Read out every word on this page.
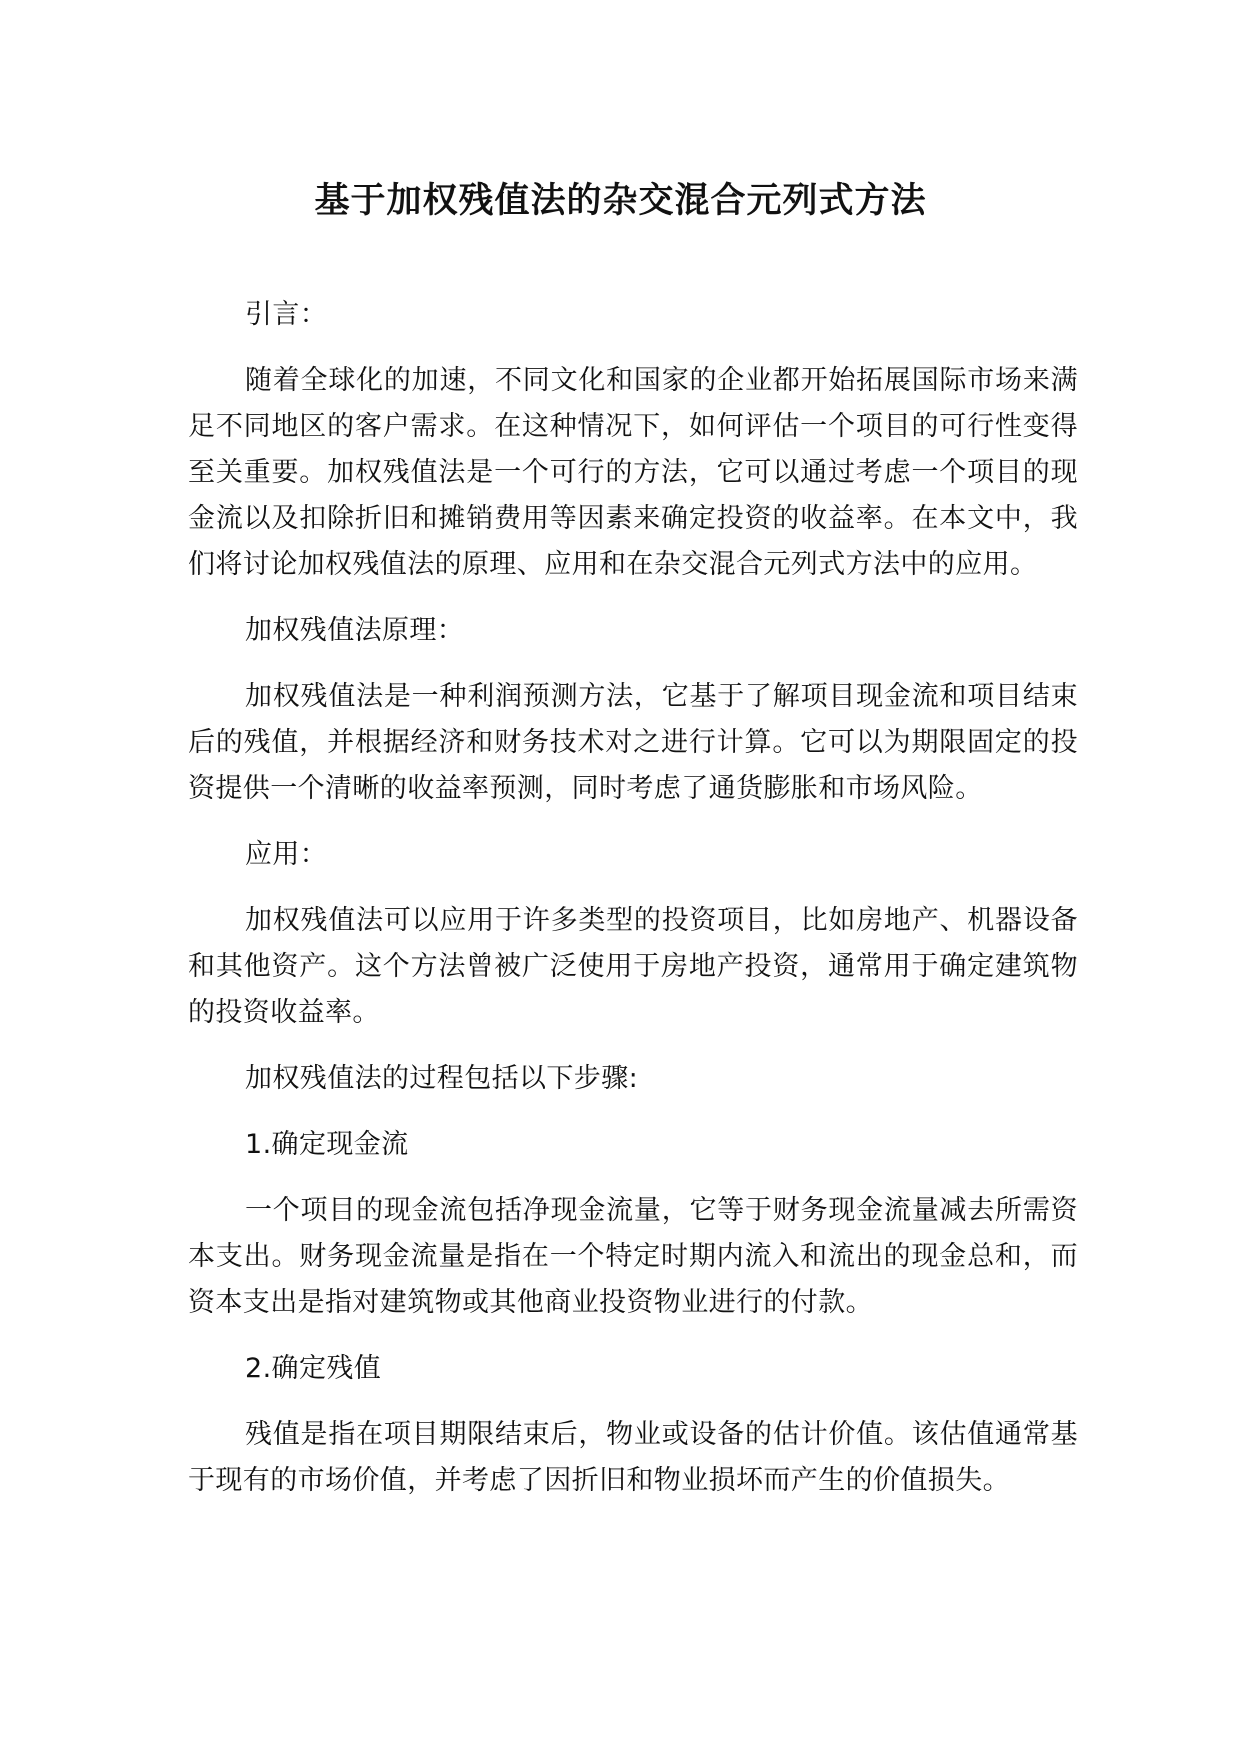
基于加权残值法的杂交混合元列式方法

引言：

随着全球化的加速，不同文化和国家的企业都开始拓展国际市场来满足不同地区的客户需求。在这种情况下，如何评估一个项目的可行性变得至关重要。加权残值法是一个可行的方法，它可以通过考虑一个项目的现金流以及扣除折旧和摊销费用等因素来确定投资的收益率。在本文中，我们将讨论加权残值法的原理、应用和在杂交混合元列式方法中的应用。

加权残值法原理：

加权残值法是一种利润预测方法，它基于了解项目现金流和项目结束后的残值，并根据经济和财务技术对之进行计算。它可以为期限固定的投资提供一个清晰的收益率预测，同时考虑了通货膨胀和市场风险。

应用：

加权残值法可以应用于许多类型的投资项目，比如房地产、机器设备和其他资产。这个方法曾被广泛使用于房地产投资，通常用于确定建筑物的投资收益率。

加权残值法的过程包括以下步骤:

1.确定现金流

一个项目的现金流包括净现金流量，它等于财务现金流量减去所需资本支出。财务现金流量是指在一个特定时期内流入和流出的现金总和，而资本支出是指对建筑物或其他商业投资物业进行的付款。

2.确定残值

残值是指在项目期限结束后，物业或设备的估计价值。该估值通常基于现有的市场价值，并考虑了因折旧和物业损坏而产生的价值损失。
